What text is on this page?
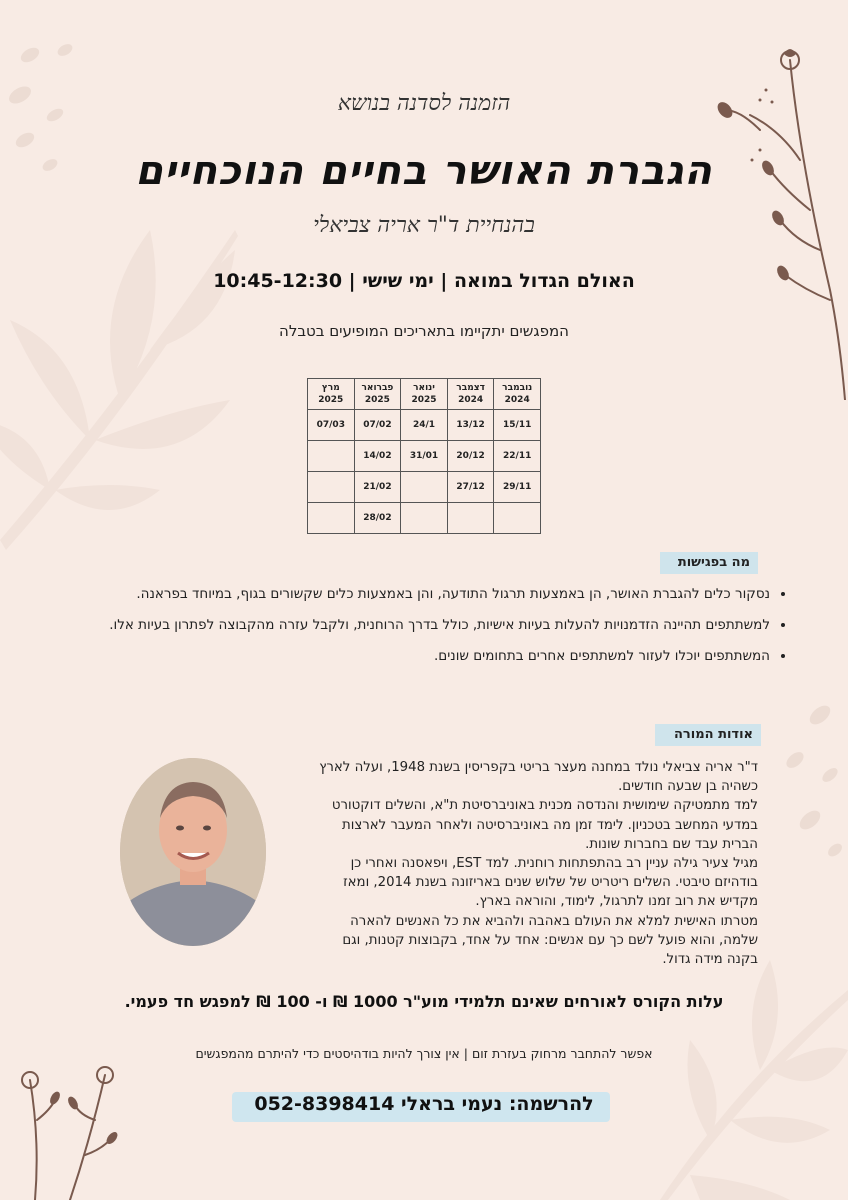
הזמנה לסדנה בנושא
הגברת האושר בחיים הנוכחיים
בהנחיית ד"ר אריה צביאלי
האולם הגדול במואה | ימי שישי | 10:45-12:30
המפגשים יתקיימו בתאריכים המופיעים בטבלה
נובמבר 2024	דצמבר 2024	ינואר 2025	פברואר 2025	מרץ 2025
15/11	13/12	24/1	07/02	07/03
22/11	20/12	31/01	14/02	
29/11	27/12		21/02	
			28/02	
מה בפגישות
• נסקור כלים להגברת האושר, הן באמצעות תרגול התודעה, והן באמצעות כלים שקשורים בגוף, במיוחד בפראנה.
• למשתתפים תהיינה הזדמנויות להעלות בעיות אישיות, כולל בדרך הרוחנית, ולקבל עזרה מהקבוצה לפתרון בעיות אלו.
• המשתתפים יוכלו לעזור למשתתפים אחרים בתחומים שונים.
אודות המורה
ד"ר אריה צביאלי נולד במחנה מעצר בריטי בקפריסין בשנת 1948, ועלה לארץ כשהיה בן שבעה חודשים.
למד מתמטיקה שימושית והנדסה מכנית באוניברסיטת ת"א, והשלים דוקטורט במדעי המחשב בטכניון. לימד זמן מה באוניברסיטה ולאחר המעבר לארצות הברית עבד שם בחברות שונות.
מגיל צעיר גילה עניין רב בהתפתחות רוחנית. למד EST, ויפאסנה ואחרי כן בודהיזם טיבטי. השלים ריטריט של שלוש שנים באריזונה בשנת 2014, ומאז מקדיש את רוב זמנו לתרגול, לימוד, והוראה בארץ.
מטרתו האישית למלא את העולם באהבה ולהביא את כל האנשים להארה שלמה, והוא פועל לשם כך עם אנשים: אחד על אחד, בקבוצות קטנות, וגם בקנה מידה גדול.
עלות הקורס לאורחים שאינם תלמידי מוע"ר 1000 ₪ ו- 100 ₪ למפגש חד פעמי.
אפשר להתחבר מרחוק בעזרת זום | אין צורך להיות בודהיסטים כדי להיתרם מהמפגשים
להרשמה: נעמי בראלי 052-8398414
